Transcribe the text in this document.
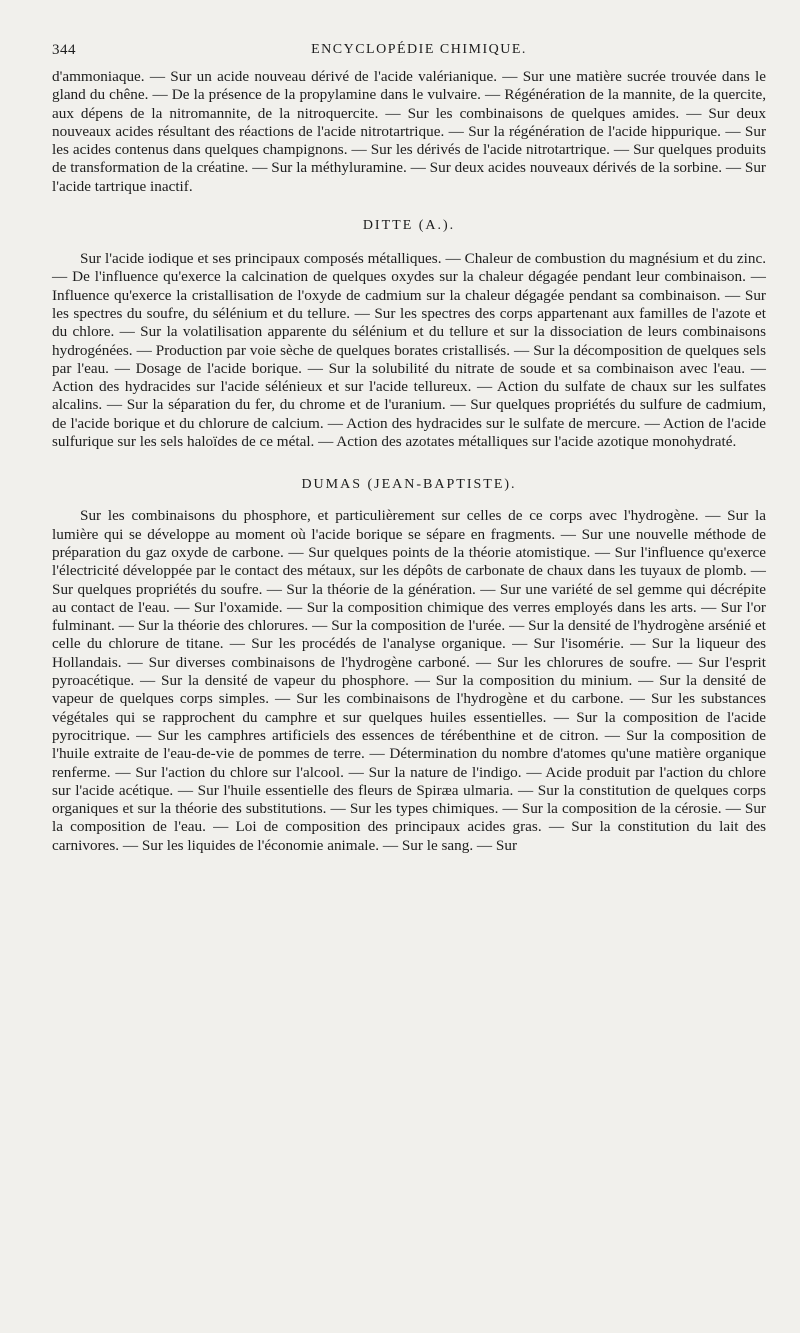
344	ENCYCLOPÉDIE CHIMIQUE.

d'ammoniaque. — Sur un acide nouveau dérivé de l'acide valérianique. — Sur une matière sucrée trouvée dans le gland du chêne. — De la présence de la propylamine dans le vulvaire. — Régénération de la mannite, de la quercite, aux dépens de la nitromannite, de la nitroquercite. — Sur les combinaisons de quelques amides. — Sur deux nouveaux acides résultant des réactions de l'acide nitrotartrique. — Sur la régénération de l'acide hippurique. — Sur les acides contenus dans quelques champignons. — Sur les dérivés de l'acide nitrotartrique. — Sur quelques produits de transformation de la créatine. — Sur la méthyluramine. — Sur deux acides nouveaux dérivés de la sorbine. — Sur l'acide tartrique inactif.

DITTE (A.).

Sur l'acide iodique et ses principaux composés métalliques. — Chaleur de combustion du magnésium et du zinc. — De l'influence qu'exerce la calcination de quelques oxydes sur la chaleur dégagée pendant leur combinaison. — Influence qu'exerce la cristallisation de l'oxyde de cadmium sur la chaleur dégagée pendant sa combinaison. — Sur les spectres du soufre, du sélénium et du tellure. — Sur les spectres des corps appartenant aux familles de l'azote et du chlore. — Sur la volatilisation apparente du sélénium et du tellure et sur la dissociation de leurs combinaisons hydrogénées. — Production par voie sèche de quelques borates cristallisés. — Sur la décomposition de quelques sels par l'eau. — Dosage de l'acide borique. — Sur la solubilité du nitrate de soude et sa combinaison avec l'eau. — Action des hydracides sur l'acide sélénieux et sur l'acide tellureux. — Action du sulfate de chaux sur les sulfates alcalins. — Sur la séparation du fer, du chrome et de l'uranium. — Sur quelques propriétés du sulfure de cadmium, de l'acide borique et du chlorure de calcium. — Action des hydracides sur le sulfate de mercure. — Action de l'acide sulfurique sur les sels haloïdes de ce métal. — Action des azotates métalliques sur l'acide azotique monohydraté.

DUMAS (JEAN-BAPTISTE).

Sur les combinaisons du phosphore, et particulièrement sur celles de ce corps avec l'hydrogène. — Sur la lumière qui se développe au moment où l'acide borique se sépare en fragments. — Sur une nouvelle méthode de préparation du gaz oxyde de carbone. — Sur quelques points de la théorie atomistique. — Sur l'influence qu'exerce l'électricité développée par le contact des métaux, sur les dépôts de carbonate de chaux dans les tuyaux de plomb. — Sur quelques propriétés du soufre. — Sur la théorie de la génération. — Sur une variété de sel gemme qui décrépite au contact de l'eau. — Sur l'oxamide. — Sur la composition chimique des verres employés dans les arts. — Sur l'or fulminant. — Sur la théorie des chlorures. — Sur la composition de l'urée. — Sur la densité de l'hydrogène arsénié et celle du chlorure de titane. — Sur les procédés de l'analyse organique. — Sur l'isomérie. — Sur la liqueur des Hollandais. — Sur diverses combinaisons de l'hydrogène carboné. — Sur les chlorures de soufre. — Sur l'esprit pyroacétique. — Sur la densité de vapeur du phosphore. — Sur la composition du minium. — Sur la densité de vapeur de quelques corps simples. — Sur les combinaisons de l'hydrogène et du carbone. — Sur les substances végétales qui se rapprochent du camphre et sur quelques huiles essentielles. — Sur la composition de l'acide pyrocitrique. — Sur les camphres artificiels des essences de térébenthine et de citron. — Sur la composition de l'huile extraite de l'eau-de-vie de pommes de terre. — Détermination du nombre d'atomes qu'une matière organique renferme. — Sur l'action du chlore sur l'alcool. — Sur la nature de l'indigo. — Acide produit par l'action du chlore sur l'acide acétique. — Sur l'huile essentielle des fleurs de Spiræa ulmaria. — Sur la constitution de quelques corps organiques et sur la théorie des substitutions. — Sur les types chimiques. — Sur la composition de la cérosie. — Sur la composition de l'eau. — Loi de composition des principaux acides gras. — Sur la constitution du lait des carnivores. — Sur les liquides de l'économie animale. — Sur le sang. — Sur
